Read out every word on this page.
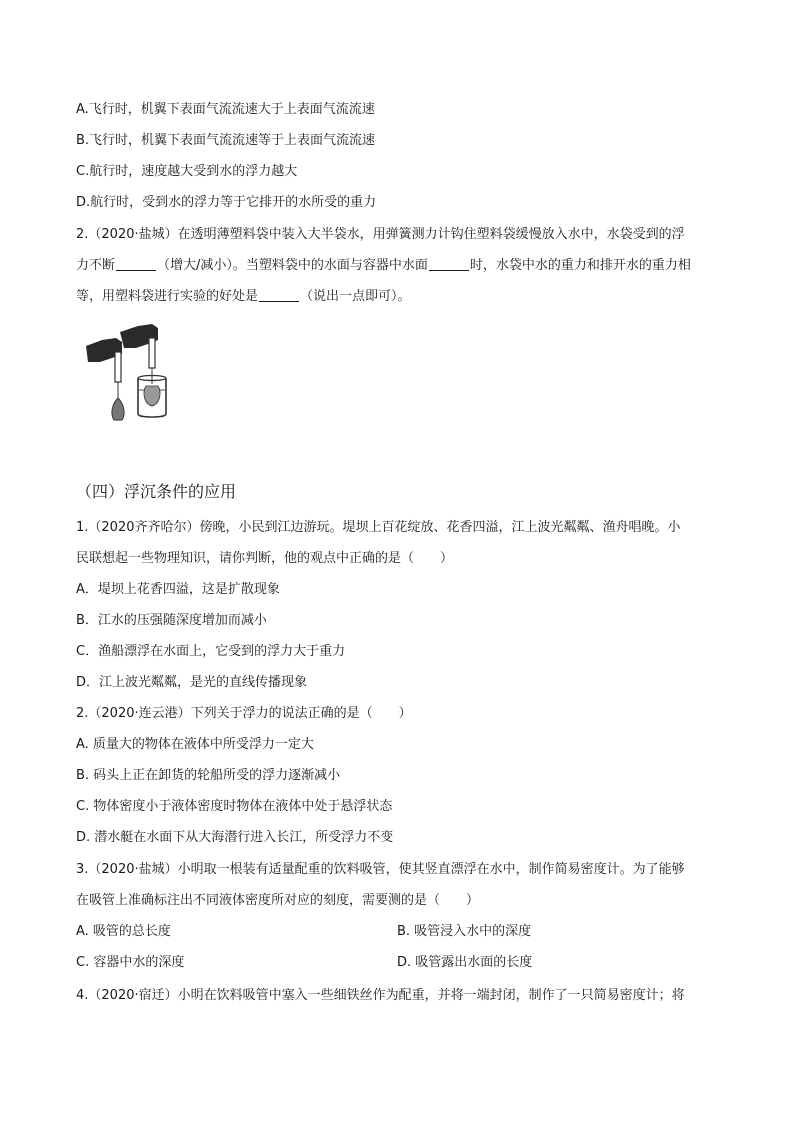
A.飞行时，机翼下表面气流流速大于上表面气流流速
B.飞行时，机翼下表面气流流速等于上表面气流流速
C.航行时，速度越大受到水的浮力越大
D.航行时，受到水的浮力等于它排开的水所受的重力
2.（2020·盐城）在透明薄塑料袋中装入大半袋水，用弹簧测力计钩住塑料袋缓慢放入水中，水袋受到的浮
力不断	（增大/减小）。当塑料袋中的水面与容器中水面	时，水袋中水的重力和排开水的重力相
等，用塑料袋进行实验的好处是	（说出一点即可）。
（四）浮沉条件的应用
1.（2020齐齐哈尔）傍晚，小民到江边游玩。堤坝上百花绽放、花香四溢，江上波光粼粼、渔舟唱晚。小
民联想起一些物理知识，请你判断，他的观点中正确的是（　　）
A．堤坝上花香四溢，这是扩散现象
B．江水的压强随深度增加而减小
C．渔船漂浮在水面上，它受到的浮力大于重力
D．江上波光粼粼，是光的直线传播现象
2.（2020·连云港）下列关于浮力的说法正确的是（　　）
A. 质量大的物体在液体中所受浮力一定大
B. 码头上正在卸货的轮船所受的浮力逐渐减小
C. 物体密度小于液体密度时物体在液体中处于悬浮状态
D. 潜水艇在水面下从大海潜行进入长江，所受浮力不变
3.（2020·盐城）小明取一根装有适量配重的饮料吸管，使其竖直漂浮在水中，制作简易密度计。为了能够
在吸管上准确标注出不同液体密度所对应的刻度，需要测的是（　　）
A. 吸管的总长度	B. 吸管浸入水中的深度
C. 容器中水的深度	D. 吸管露出水面的长度
4.（2020·宿迁）小明在饮料吸管中塞入一些细铁丝作为配重，并将一端封闭，制作了一只简易密度计；将
